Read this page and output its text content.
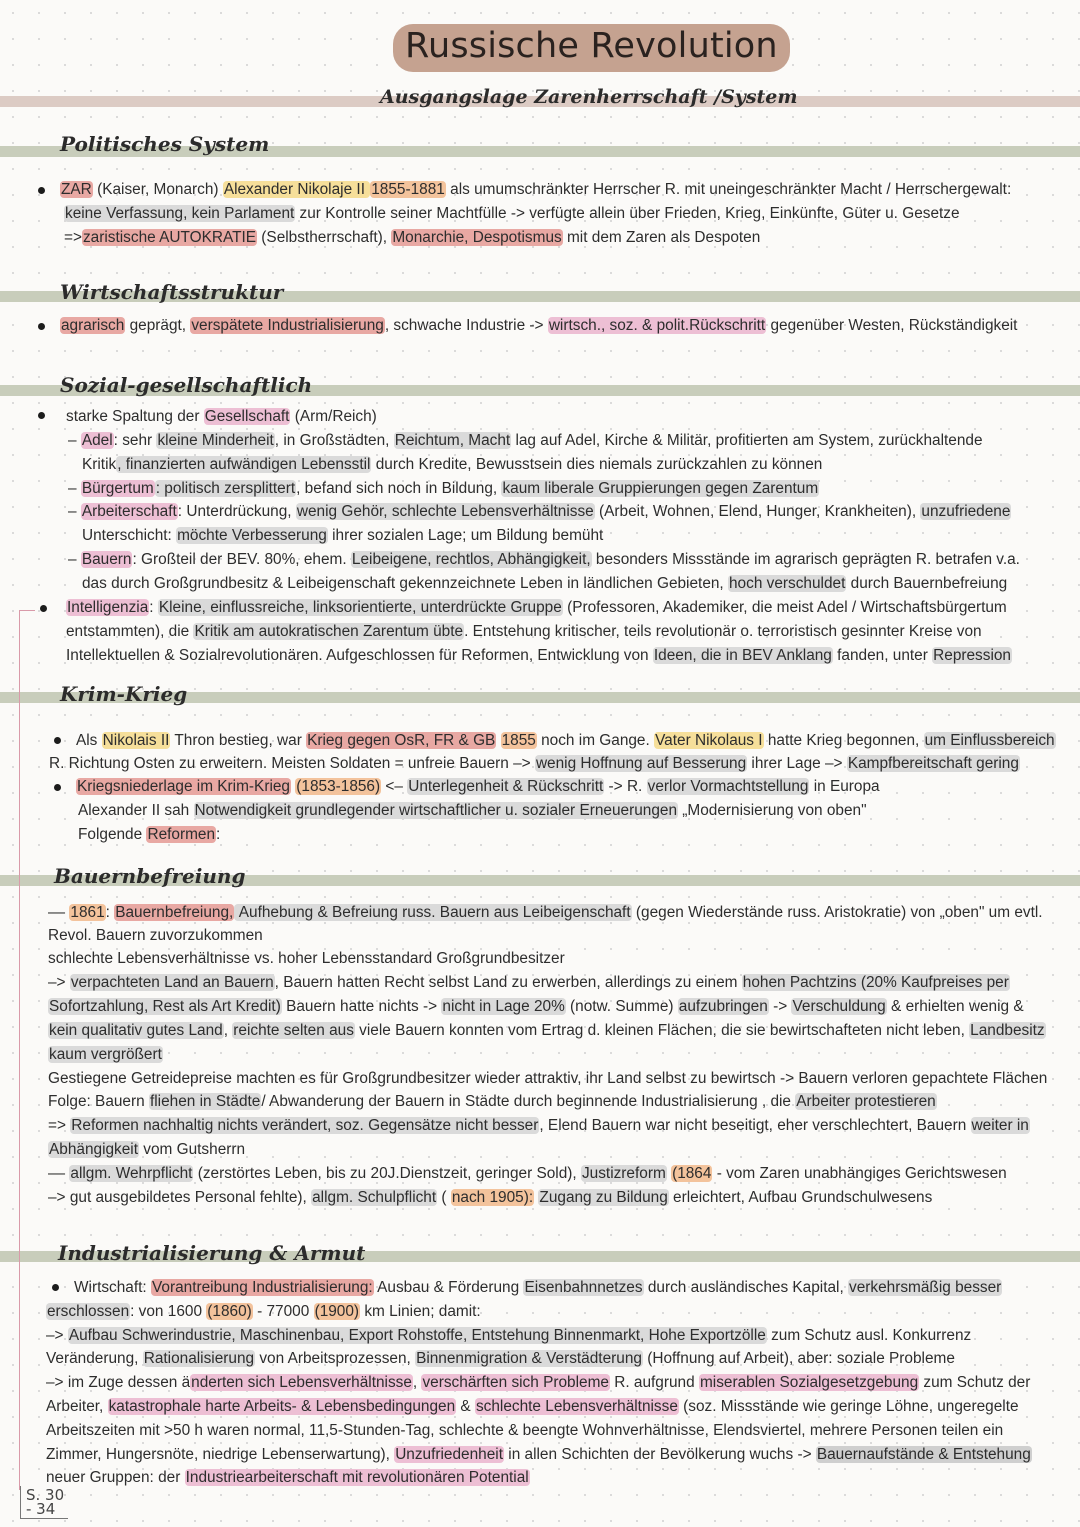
Russische Revolution
Ausgangslage Zarenherrschaft /System
Politisches System
ZAR (Kaiser, Monarch) Alexander Nikolaje II 1855-1881 als umumschränkter Herrscher R. mit uneingeschränkter Macht / Herrschergewalt:
keine Verfassung, kein Parlament zur Kontrolle seiner Machtfülle -> verfügte allein über Frieden, Krieg, Einkünfte, Güter u. Gesetze
=>zaristische AUTOKRATIE (Selbstherrschaft), Monarchie, Despotismus mit dem Zaren als Despoten
Wirtschaftsstruktur
agrarisch geprägt, verspätete Industrialisierung, schwache Industrie -> wirtsch., soz. & polit.Rückschritt gegenüber Westen, Rückständigkeit
Sozial-gesellschaftlich
starke Spaltung der Gesellschaft (Arm/Reich)
– Adel: sehr kleine Minderheit, in Großstädten, Reichtum, Macht lag auf Adel, Kirche & Militär, profitierten am System, zurückhaltende
Kritik, finanzierten aufwändigen Lebensstil durch Kredite, Bewusstsein dies niemals zurückzahlen zu können
– Bürgertum : politisch zersplittert, befand sich noch in Bildung, kaum liberale Gruppierungen gegen Zarentum
– Arbeiterschaft: Unterdrückung, wenig Gehör, schlechte Lebensverhältnisse (Arbeit, Wohnen, Elend, Hunger, Krankheiten), unzufriedene
Unterschicht: möchte Verbesserung ihrer sozialen Lage; um Bildung bemüht
– Bauern: Großteil der BEV. 80%, ehem. Leibeigene, rechtlos, Abhängigkeit, besonders Missstände im agrarisch geprägten R. betrafen v.a.
das durch Großgrundbesitz & Leibeigenschaft gekennzeichnete Leben in ländlichen Gebieten, hoch verschuldet durch Bauernbefreiung
Intelligenzia: Kleine, einflussreiche, linksorientierte, unterdrückte Gruppe (Professoren, Akademiker, die meist Adel / Wirtschaftsbürgertum
entstammten), die Kritik am autokratischen Zarentum übte. Entstehung kritischer, teils revolutionär o. terroristisch gesinnter Kreise von
Intellektuellen & Sozialrevolutionären. Aufgeschlossen für Reformen, Entwicklung von Ideen, die in BEV Anklang fanden, unter Repression
Krim-Krieg
Als Nikolais II Thron bestieg, war Krieg gegen OsR, FR & GB 1855 noch im Gange. Vater Nikolaus I hatte Krieg begonnen, um Einflussbereich
R. Richtung Osten zu erweitern. Meisten Soldaten = unfreie Bauern –> wenig Hoffnung auf Besserung ihrer Lage –> Kampfbereitschaft gering
Kriegsniederlage im Krim-Krieg (1853-1856) <– Unterlegenheit & Rückschritt -> R. verlor Vormachtstellung in Europa
Alexander II sah Notwendigkeit grundlegender wirtschaftlicher u. sozialer Erneuerungen „Modernisierung von oben"
Folgende Reformen:
Bauernbefreiung
–– 1861: Bauernbefreiung, Aufhebung & Befreiung russ. Bauern aus Leibeigenschaft (gegen Wiederstände russ. Aristokratie) von „oben" um evtl.
Revol. Bauern zuvorzukommen
schlechte Lebensverhältnisse vs. hoher Lebensstandard Großgrundbesitzer
–> verpachteten Land an Bauern, Bauern hatten Recht selbst Land zu erwerben, allerdings zu einem hohen Pachtzins (20% Kaufpreises per
Sofortzahlung, Rest als Art Kredit) Bauern hatte nichts -> nicht in Lage 20% (notw. Summe) aufzubringen -> Verschuldung & erhielten wenig &
kein qualitativ gutes Land, reichte selten aus viele Bauern konnten vom Ertrag d. kleinen Flächen, die sie bewirtschafteten nicht leben, Landbesitz
kaum vergrößert
Gestiegene Getreidepreise machten es für Großgrundbesitzer wieder attraktiv, ihr Land selbst zu bewirtsch -> Bauern verloren gepachtete Flächen
Folge: Bauern fliehen in Städte/ Abwanderung der Bauern in Städte durch beginnende Industrialisierung , die Arbeiter protestieren
=> Reformen nachhaltig nichts verändert, soz. Gegensätze nicht besser, Elend Bauern war nicht beseitigt, eher verschlechtert, Bauern weiter in
Abhängigkeit vom Gutsherrn
–– allgm. Wehrpflicht (zerstörtes Leben, bis zu 20J.Dienstzeit, geringer Sold), Justizreform (1864 - vom Zaren unabhängiges Gerichtswesen
–> gut ausgebildetes Personal fehlte), allgm. Schulpflicht ( nach 1905): Zugang zu Bildung erleichtert, Aufbau Grundschulwesens
Industrialisierung & Armut
Wirtschaft: Vorantreibung Industrialisierung: Ausbau & Förderung Eisenbahnnetzes durch ausländisches Kapital, verkehrsmäßig besser
erschlossen: von 1600 (1860) - 77000 (1900) km Linien; damit:
–> Aufbau Schwerindustrie, Maschinenbau, Export Rohstoffe, Entstehung Binnenmarkt, Hohe Exportzölle zum Schutz ausl. Konkurrenz
Veränderung, Rationalisierung von Arbeitsprozessen, Binnenmigration & Verstädterung (Hoffnung auf Arbeit), aber: soziale Probleme
–> im Zuge dessen änderten sich Lebensverhältnisse, verschärften sich Probleme R. aufgrund miserablen Sozialgesetzgebung zum Schutz der
Arbeiter, katastrophale harte Arbeits- & Lebensbedingungen & schlechte Lebensverhältnisse (soz. Missstände wie geringe Löhne, ungeregelte
Arbeitszeiten mit >50 h waren normal, 11,5-Stunden-Tag, schlechte & beengte Wohnverhältnisse, Elendsviertel, mehrere Personen teilen ein
Zimmer, Hungersnöte, niedrige Lebenserwartung), Unzufriedenheit in allen Schichten der Bevölkerung wuchs -> Bauernaufstände & Entstehung
neuer Gruppen: der Industriearbeiterschaft mit revolutionären Potential
S. 30
- 34
